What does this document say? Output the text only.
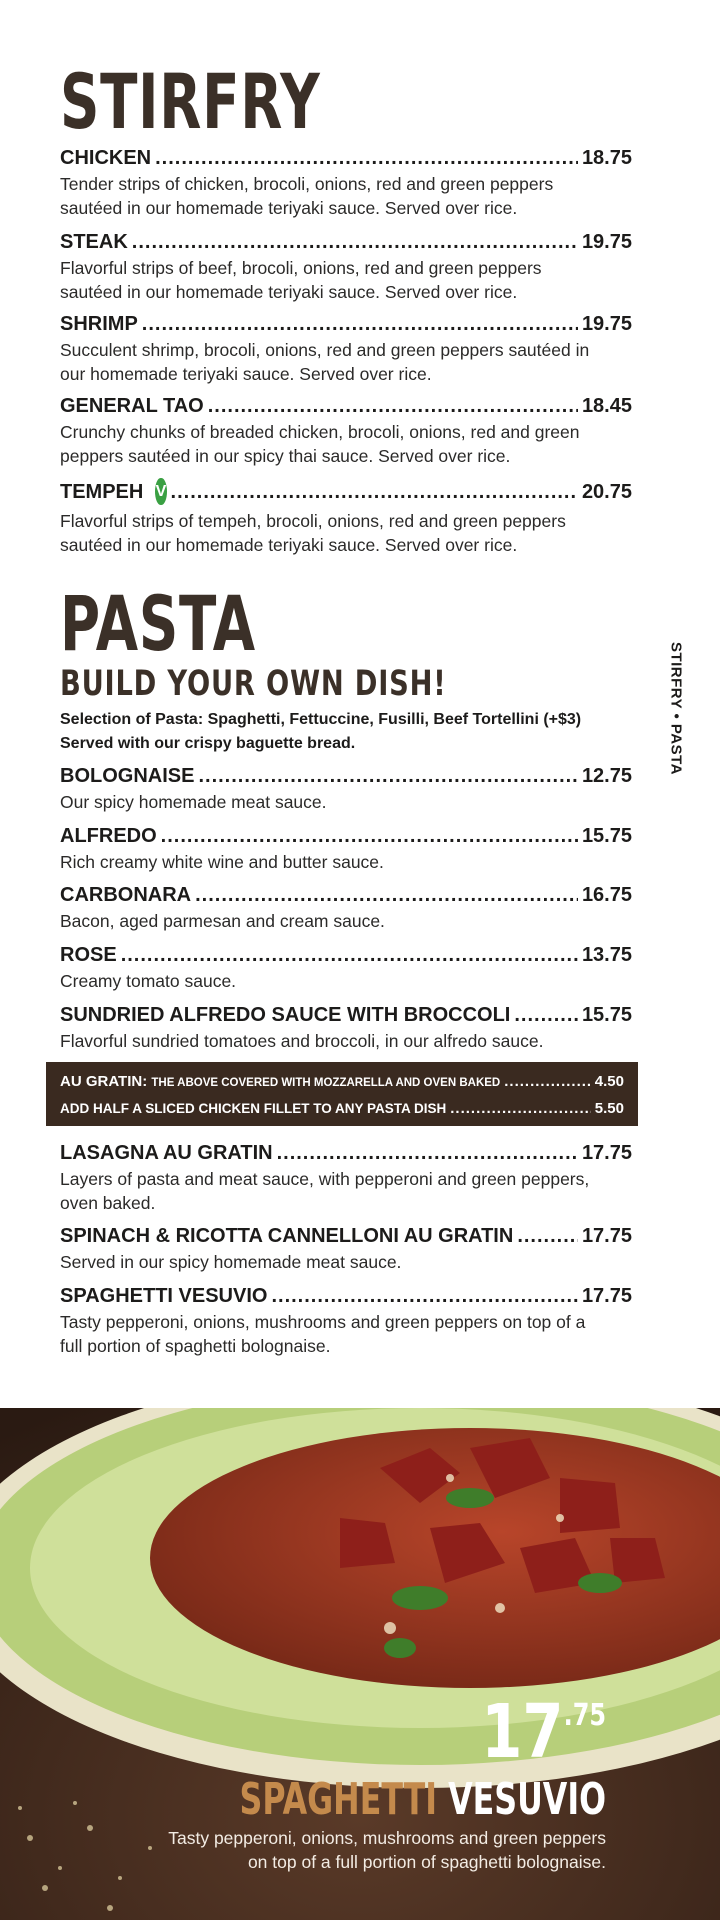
STIRFRY
CHICKEN .....	18.75
Tender strips of chicken, brocoli, onions, red and green peppers sautéed in our homemade teriyaki sauce. Served over rice.
STEAK .....	19.75
Flavorful strips of beef, brocoli, onions, red and green peppers sautéed in our homemade teriyaki sauce. Served over rice.
SHRIMP .....	19.75
Succulent shrimp, brocoli, onions, red and green peppers sautéed in our homemade teriyaki sauce. Served over rice.
GENERAL TAO .....	18.45
Crunchy chunks of breaded chicken, brocoli, onions, red and green peppers sautéed in our spicy thai sauce. Served over rice.
TEMPEH V .....	20.75
Flavorful strips of tempeh, brocoli, onions, red and green peppers sautéed in our homemade teriyaki sauce. Served over rice.
PASTA
BUILD YOUR OWN DISH!
Selection of Pasta: Spaghetti, Fettuccine, Fusilli, Beef Tortellini (+$3)
Served with our crispy baguette bread.
BOLOGNAISE .....	12.75
Our spicy homemade meat sauce.
ALFREDO .....	15.75
Rich creamy white wine and butter sauce.
CARBONARA .....	16.75
Bacon, aged parmesan and cream sauce.
ROSE .....	13.75
Creamy tomato sauce.
SUNDRIED ALFREDO SAUCE WITH BROCCOLI .....	15.75
Flavorful sundried tomatoes and broccoli, in our alfredo sauce.
AU GRATIN:
THE ABOVE COVERED WITH MOZZARELLA AND OVEN BAKED .....	4.50
ADD HALF A SLICED CHICKEN FILLET TO ANY PASTA DISH .....	5.50
LASAGNA AU GRATIN .....	17.75
Layers of pasta and meat sauce, with pepperoni and green peppers, oven baked.
SPINACH & RICOTTA CANNELLONI AU GRATIN .....	17.75
Served in our spicy homemade meat sauce.
SPAGHETTI VESUVIO .....	17.75
Tasty pepperoni, onions, mushrooms and green peppers on top of a full portion of spaghetti bolognaise.
STIRFRY • PASTA
17.75
SPAGHETTI VESUVIO
Tasty pepperoni, onions, mushrooms and green peppers
on top of a full portion of spaghetti bolognaise.
